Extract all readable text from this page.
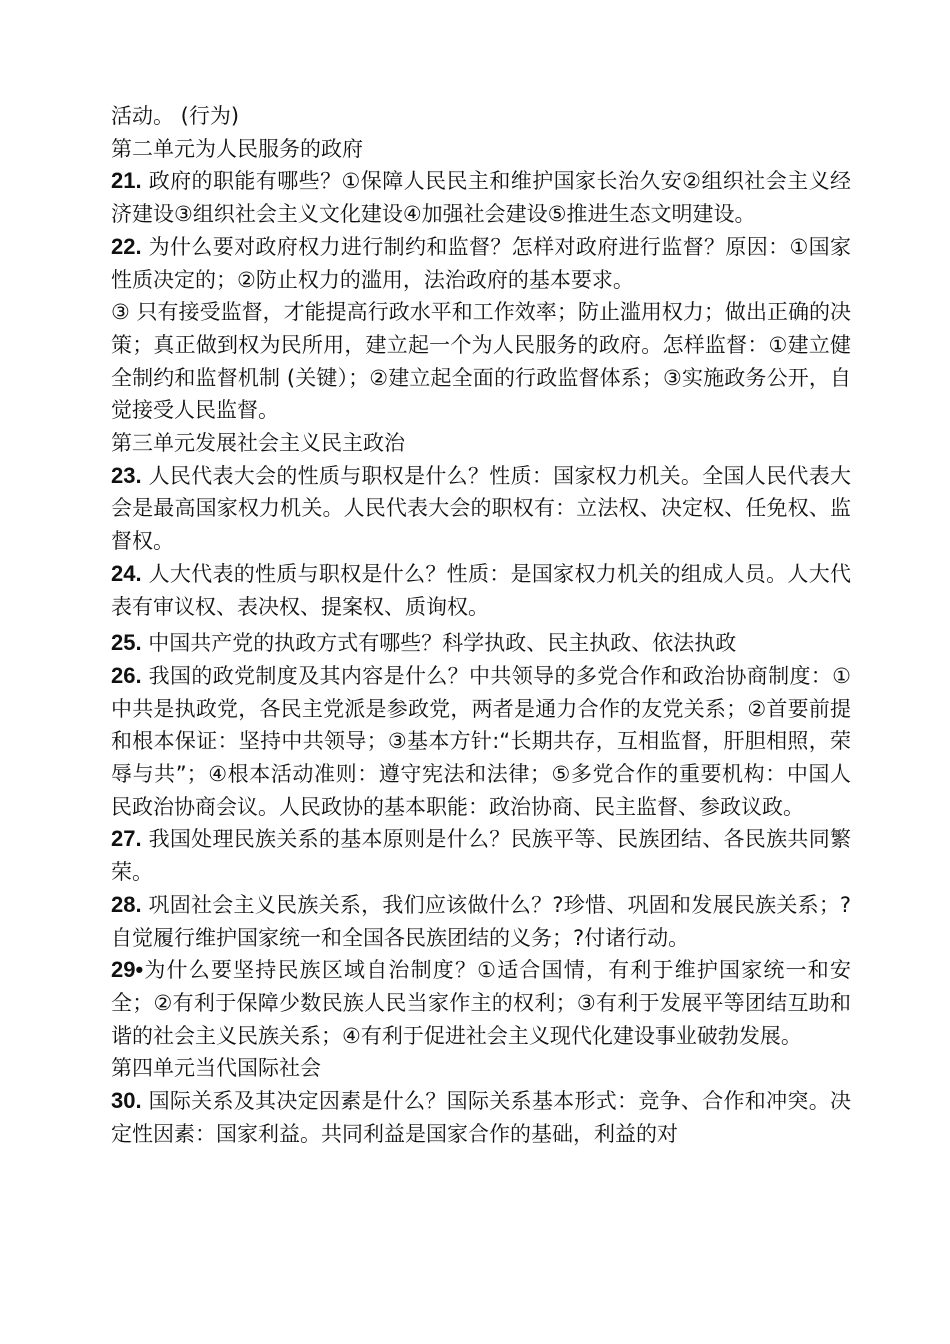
活动。 (行为)
第二单元为人民服务的政府
21. 政府的职能有哪些？①保障人民民主和维护国家长治久安②组织社会主义经济建设③组织社会主义文化建设④加强社会建设⑤推进生态文明建设。
22. 为什么要对政府权力进行制约和监督？怎样对政府进行监督？原因：①国家性质决定的；②防止权力的滥用，法治政府的基本要求。
③ 只有接受监督，才能提高行政水平和工作效率；防止滥用权力；做出正确的决策；真正做到权为民所用，建立起一个为人民服务的政府。怎样监督：①建立健全制约和监督机制 (关键）；②建立起全面的行政监督体系；③实施政务公开，自觉接受人民监督。
第三单元发展社会主义民主政治
23. 人民代表大会的性质与职权是什么？性质：国家权力机关。全国人民代表大会是最高国家权力机关。人民代表大会的职权有：立法权、决定权、任免权、监督权。
24. 人大代表的性质与职权是什么？性质：是国家权力机关的组成人员。人大代表有审议权、表决权、提案权、质询权。
25. 中国共产党的执政方式有哪些？科学执政、民主执政、依法执政
26. 我国的政党制度及其内容是什么？中共领导的多党合作和政治协商制度：①中共是执政党，各民主党派是参政党，两者是通力合作的友党关系；②首要前提和根本保证：坚持中共领导；③基本方针:“长期共存，互相监督，肝胆相照，荣辱与共”；④根本活动准则：遵守宪法和法律；⑤多党合作的重要机构：中国人民政治协商会议。人民政协的基本职能：政治协商、民主监督、参政议政。
27. 我国处理民族关系的基本原则是什么？民族平等、民族团结、各民族共同繁荣。
28. 巩固社会主义民族关系，我们应该做什么？?珍惜、巩固和发展民族关系；?自觉履行维护国家统一和全国各民族团结的义务；?付诸行动。
29•为什么要坚持民族区域自治制度？①适合国情，有利于维护国家统一和安全；②有利于保障少数民族人民当家作主的权利；③有利于发展平等团结互助和谐的社会主义民族关系；④有利于促进社会主义现代化建设事业破勃发展。
第四单元当代国际社会
30. 国际关系及其决定因素是什么？国际关系基本形式：竞争、合作和冲突。决定性因素：国家利益。共同利益是国家合作的基础，利益的对
